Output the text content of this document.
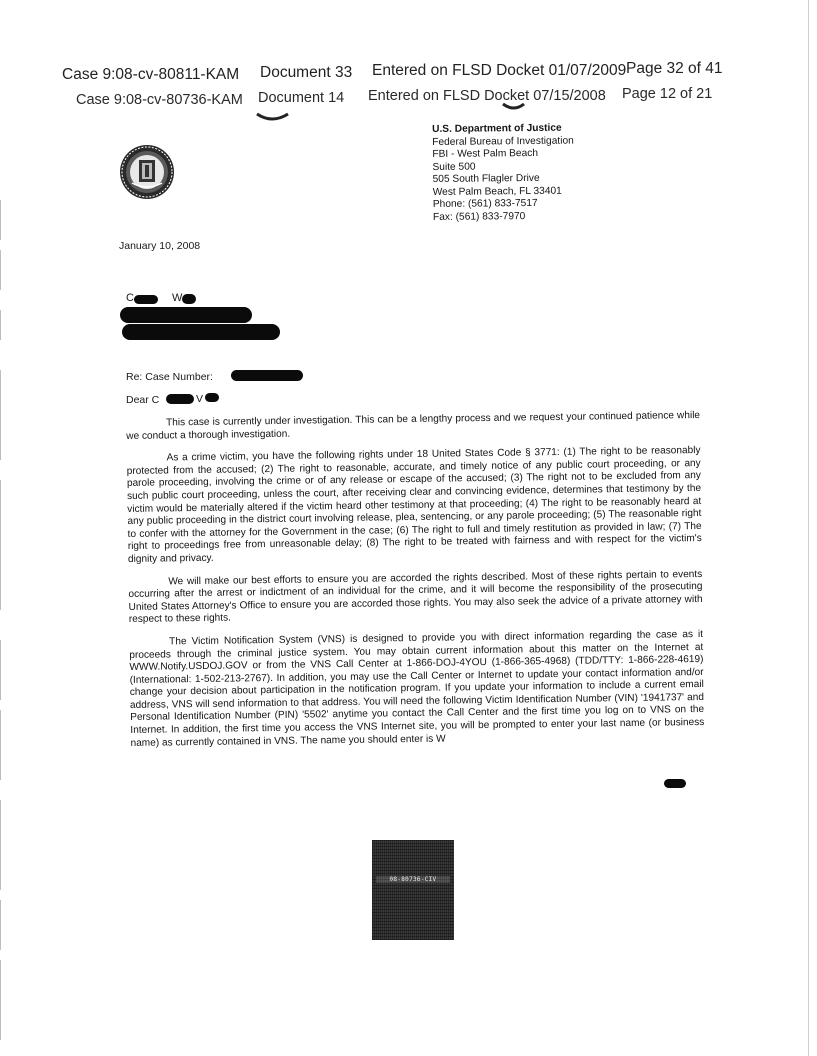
Case 9:08-cv-80811-KAM Document 33 Entered on FLSD Docket 01/07/2009 Page 32 of 41
Case 9:08-cv-80736-KAM Document 14 Entered on FLSD Docket 07/15/2008 Page 12 of 21
U.S. Department of Justice
Federal Bureau of Investigation
FBI - West Palm Beach
Suite 500
505 South Flagler Drive
West Palm Beach, FL 33401
Phone: (561) 833-7517
Fax: (561) 833-7970
January 10, 2008
C	W
Re: Case Number:
Dear C	V

This case is currently under investigation. This can be a lengthy process and we request your continued patience while we conduct a thorough investigation.

As a crime victim, you have the following rights under 18 United States Code § 3771: (1) The right to be reasonably protected from the accused; (2) The right to reasonable, accurate, and timely notice of any public court proceeding, or any parole proceeding, involving the crime or of any release or escape of the accused; (3) The right not to be excluded from any such public court proceeding, unless the court, after receiving clear and convincing evidence, determines that testimony by the victim would be materially altered if the victim heard other testimony at that proceeding; (4) The right to be reasonably heard at any public proceeding in the district court involving release, plea, sentencing, or any parole proceeding; (5) The reasonable right to confer with the attorney for the Government in the case; (6) The right to full and timely restitution as provided in law; (7) The right to proceedings free from unreasonable delay; (8) The right to be treated with fairness and with respect for the victim's dignity and privacy.

We will make our best efforts to ensure you are accorded the rights described. Most of these rights pertain to events occurring after the arrest or indictment of an individual for the crime, and it will become the responsibility of the prosecuting United States Attorney's Office to ensure you are accorded those rights. You may also seek the advice of a private attorney with respect to these rights.

The Victim Notification System (VNS) is designed to provide you with direct information regarding the case as it proceeds through the criminal justice system. You may obtain current information about this matter on the Internet at WWW.Notify.USDOJ.GOV or from the VNS Call Center at 1-866-DOJ-4YOU (1-866-365-4968) (TDD/TTY: 1-866-228-4619) (International: 1-502-213-2767). In addition, you may use the Call Center or Internet to update your contact information and/or change your decision about participation in the notification program. If you update your information to include a current email address, VNS will send information to that address. You will need the following Victim Identification Number (VIN) '1941737' and Personal Identification Number (PIN) '5502' anytime you contact the Call Center and the first time you log on to VNS on the Internet. In addition, the first time you access the VNS Internet site, you will be prompted to enter your last name (or business name) as currently contained in VNS. The name you should enter is W

08-80736-CIV
